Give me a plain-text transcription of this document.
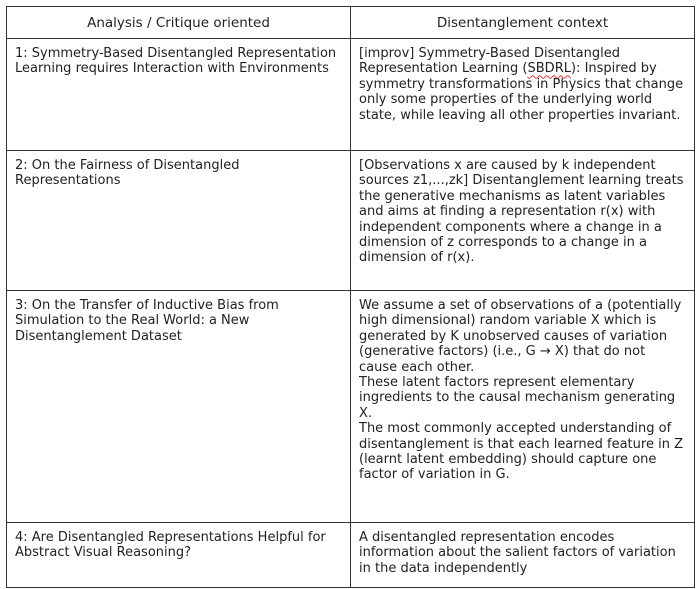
Analysis / Critique oriented	Disentanglement context
1: Symmetry-Based Disentangled Representation Learning requires Interaction with Environments	[improv] Symmetry-Based Disentangled Representation Learning (SBDRL): Inspired by symmetry transformations in Physics that change only some properties of the underlying world state, while leaving all other properties invariant.
2: On the Fairness of Disentangled Representations	[Observations x are caused by k independent sources z1,...,zk] Disentanglement learning treats the generative mechanisms as latent variables and aims at finding a representation r(x) with independent components where a change in a dimension of z corresponds to a change in a dimension of r(x).
3: On the Transfer of Inductive Bias from Simulation to the Real World: a New Disentanglement Dataset	We assume a set of observations of a (potentially high dimensional) random variable X which is generated by K unobserved causes of variation (generative factors) (i.e., G → X) that do not cause each other.

These latent factors represent elementary ingredients to the causal mechanism generating X.

The most commonly accepted understanding of disentanglement is that each learned feature in Z (learnt latent embedding) should capture one factor of variation in G.

4: Are Disentangled Representations Helpful for Abstract Visual Reasoning?	A disentangled representation encodes information about the salient factors of variation in the data independently
